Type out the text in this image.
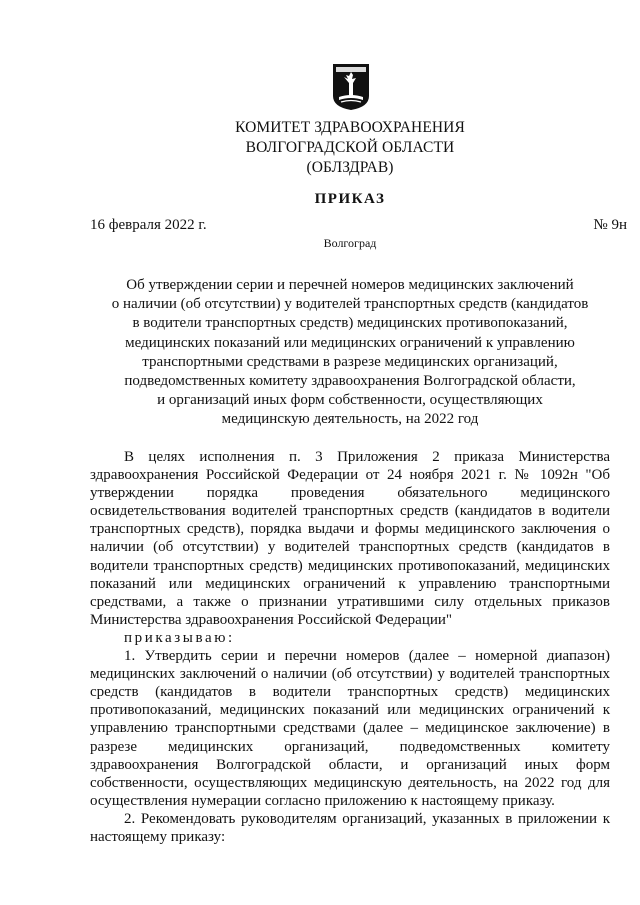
КОМИТЕТ ЗДРАВООХРАНЕНИЯ
ВОЛГОГРАДСКОЙ ОБЛАСТИ
(ОБЛЗДРАВ)
ПРИКАЗ
16 февраля 2022 г.	№ 9н
Волгоград
Об утверждении серии и перечней номеров медицинских заключений
о наличии (об отсутствии) у водителей транспортных средств (кандидатов
в водители транспортных средств) медицинских противопоказаний,
медицинских показаний или медицинских ограничений к управлению
транспортными средствами в разрезе медицинских организаций,
подведомственных комитету здравоохранения Волгоградской области,
и организаций иных форм собственности, осуществляющих
медицинскую деятельность, на 2022 год

В целях исполнения п. 3 Приложения 2 приказа Министерства здравоохранения Российской Федерации от 24 ноября 2021 г. № 1092н "Об утверждении порядка проведения обязательного медицинского освидетельствования водителей транспортных средств (кандидатов в водители транспортных средств), порядка выдачи и формы медицинского заключения о наличии (об отсутствии) у водителей транспортных средств (кандидатов в водители транспортных средств) медицинских противопоказаний, медицинских показаний или медицинских ограничений к управлению транспортными средствами, а также о признании утратившими силу отдельных приказов Министерства здравоохранения Российской Федерации"

приказываю:

1. Утвердить серии и перечни номеров (далее – номерной диапазон) медицинских заключений о наличии (об отсутствии) у водителей транспортных средств (кандидатов в водители транспортных средств) медицинских противопоказаний, медицинских показаний или медицинских ограничений к управлению транспортными средствами (далее – медицинское заключение) в разрезе медицинских организаций, подведомственных комитету здравоохранения Волгоградской области, и организаций иных форм собственности, осуществляющих медицинскую деятельность, на 2022 год для осуществления нумерации согласно приложению к настоящему приказу.

2. Рекомендовать руководителям организаций, указанных в приложении к настоящему приказу:
